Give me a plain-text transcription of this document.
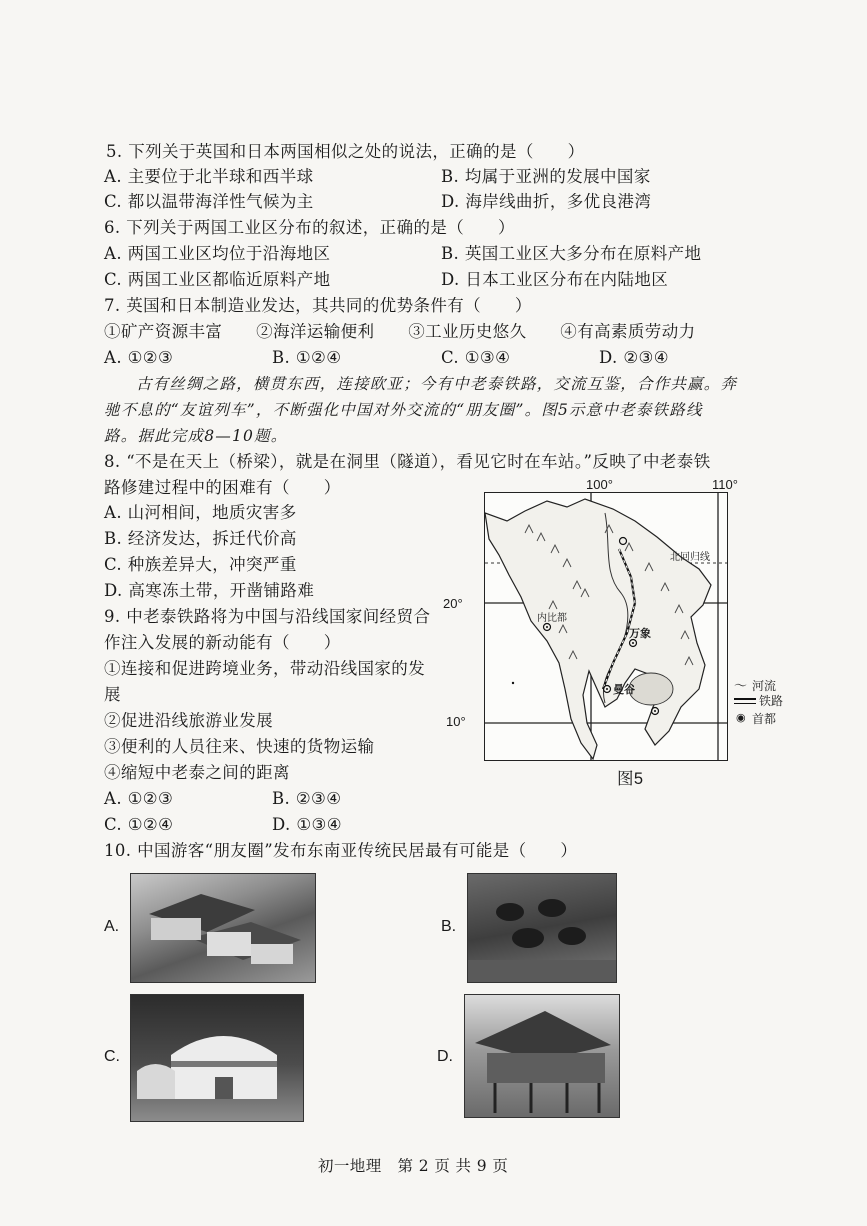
5. 下列关于英国和日本两国相似之处的说法，正确的是（　　）
A. 主要位于北半球和西半球	B. 均属于亚洲的发展中国家
C. 都以温带海洋性气候为主	D. 海岸线曲折，多优良港湾
6. 下列关于两国工业区分布的叙述，正确的是（　　）
A. 两国工业区均位于沿海地区	B. 英国工业区大多分布在原料产地
C. 两国工业区都临近原料产地	D. 日本工业区分布在内陆地区
7. 英国和日本制造业发达，其共同的优势条件有（　　）
①矿产资源丰富　　②海洋运输便利　　③工业历史悠久　　④有高素质劳动力
A. ①②③	B. ①②④	C. ①③④	D. ②③④
古有丝绸之路，横贯东西，连接欧亚；今有中老泰铁路，交流互鉴，合作共赢。奔
驰不息的“友谊列车”，不断强化中国对外交流的“朋友圈”。图5示意中老泰铁路线
路。据此完成8—10题。
8. “不是在天上（桥梁），就是在洞里（隧道），看见它时在车站。”反映了中老泰铁
路修建过程中的困难有（　　）
A. 山河相间，地质灾害多
B. 经济发达，拆迁代价高
C. 种族差异大，冲突严重
D. 高寒冻土带，开凿铺路难
9. 中老泰铁路将为中国与沿线国家间经贸合
作注入发展的新动能有（　　）
①连接和促进跨境业务，带动沿线国家的发
展
②促进沿线旅游业发展
③便利的人员往来、快速的货物运输
④缩短中老泰之间的距离
A. ①②③	B. ②③④
C. ①②④	D. ①③④
100°	110°
20°
10°
北回归线
内比都
万象
曼谷	〜 河流
铁路
◉ 首都
图5
10. 中国游客“朋友圈”发布东南亚传统民居最有可能是（　　）
A.	B.
C.	D.
初一地理　第 2 页 共 9 页
